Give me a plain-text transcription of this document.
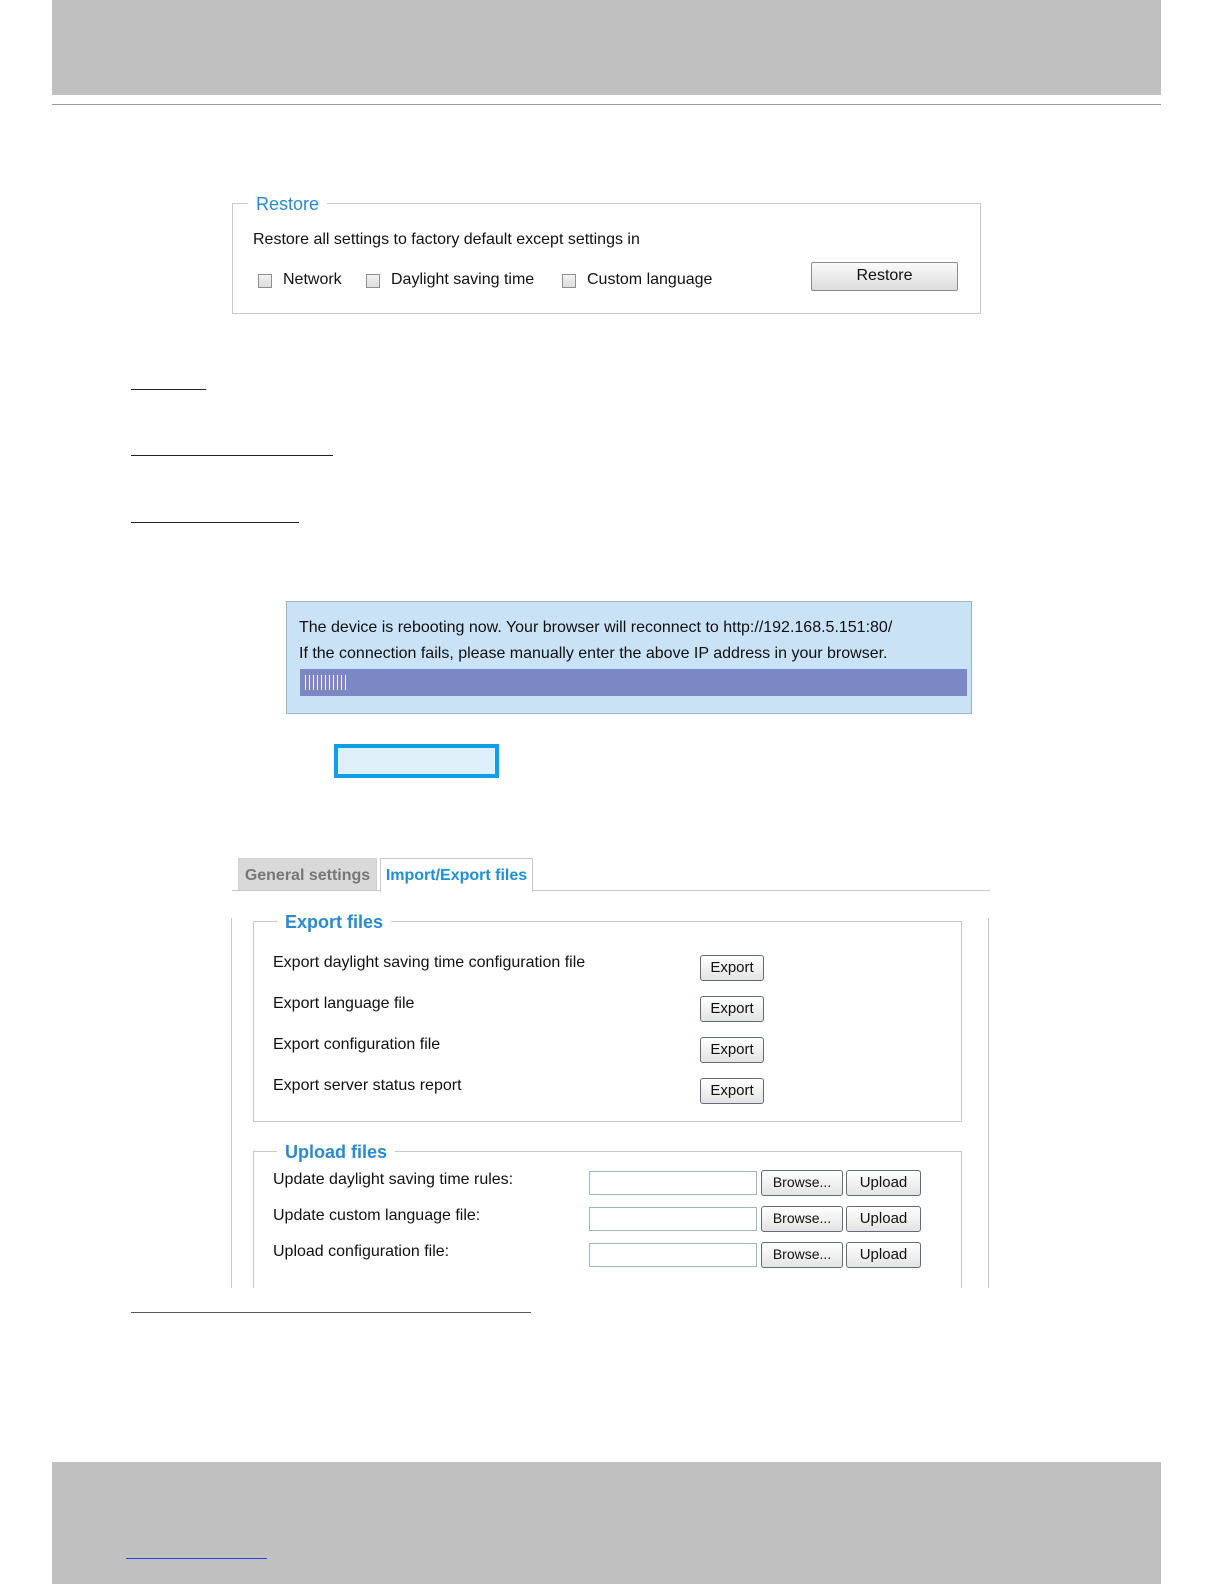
Restore
Restore all settings to factory default except settings in
Network	Daylight saving time	Custom language	Restore
The device is rebooting now. Your browser will reconnect to http://192.168.5.151:80/
If the connection fails, please manually enter the above IP address in your browser.
General settings Import/Export files
Export files
Export daylight saving time configuration file	Export
Export language file	Export
Export configuration file	Export
Export server status report	Export
Upload files
Update daylight saving time rules:	Browse...	Upload
Update custom language file:	Browse...	Upload
Upload configuration file:	Browse...	Upload
